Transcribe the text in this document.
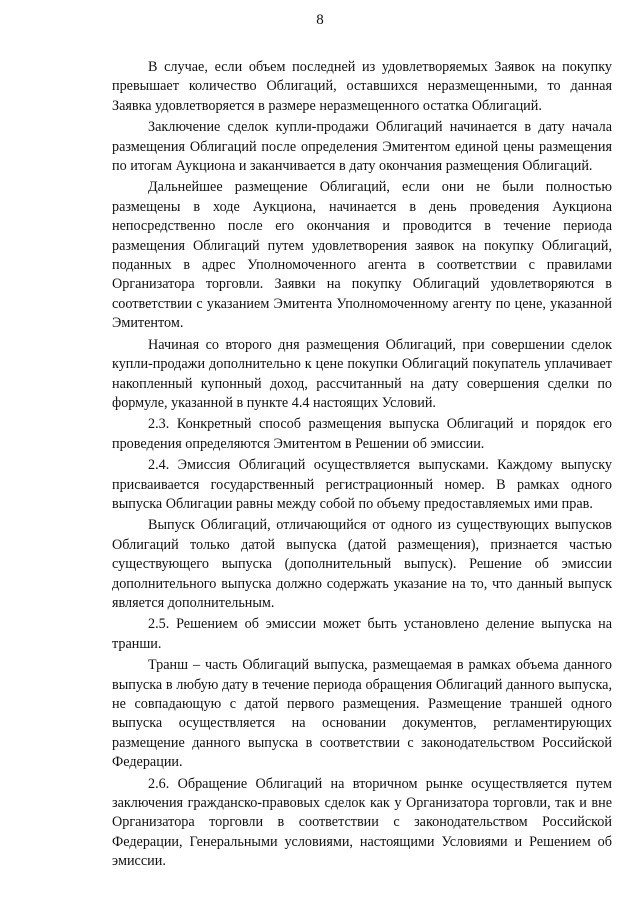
8

В случае, если объем последней из удовлетворяемых Заявок на покупку превышает количество Облигаций, оставшихся неразмещенными, то данная Заявка удовлетворяется в размере неразмещенного остатка Облигаций.

Заключение сделок купли-продажи Облигаций начинается в дату начала размещения Облигаций после определения Эмитентом единой цены размещения по итогам Аукциона и заканчивается в дату окончания размещения Облигаций.

Дальнейшее размещение Облигаций, если они не были полностью размещены в ходе Аукциона, начинается в день проведения Аукциона непосредственно после его окончания и проводится в течение периода размещения Облигаций путем удовлетворения заявок на покупку Облигаций, поданных в адрес Уполномоченного агента в соответствии с правилами Организатора торговли. Заявки на покупку Облигаций удовлетворяются в соответствии с указанием Эмитента Уполномоченному агенту по цене, указанной Эмитентом.

Начиная со второго дня размещения Облигаций, при совершении сделок купли-продажи дополнительно к цене покупки Облигаций покупатель уплачивает накопленный купонный доход, рассчитанный на дату совершения сделки по формуле, указанной в пункте 4.4 настоящих Условий.

2.3. Конкретный способ размещения выпуска Облигаций и порядок его проведения определяются Эмитентом в Решении об эмиссии.

2.4. Эмиссия Облигаций осуществляется выпусками. Каждому выпуску присваивается государственный регистрационный номер. В рамках одного выпуска Облигации равны между собой по объему предоставляемых ими прав.

Выпуск Облигаций, отличающийся от одного из существующих выпусков Облигаций только датой выпуска (датой размещения), признается частью существующего выпуска (дополнительный выпуск). Решение об эмиссии дополнительного выпуска должно содержать указание на то, что данный выпуск является дополнительным.

2.5. Решением об эмиссии может быть установлено деление выпуска на транши.

Транш – часть Облигаций выпуска, размещаемая в рамках объема данного выпуска в любую дату в течение периода обращения Облигаций данного выпуска, не совпадающую с датой первого размещения. Размещение траншей одного выпуска осуществляется на основании документов, регламентирующих размещение данного выпуска в соответствии с законодательством Российской Федерации.

2.6. Обращение Облигаций на вторичном рынке осуществляется путем заключения гражданско-правовых сделок как у Организатора торговли, так и вне Организатора торговли в соответствии с законодательством Российской Федерации, Генеральными условиями, настоящими Условиями и Решением об эмиссии.
